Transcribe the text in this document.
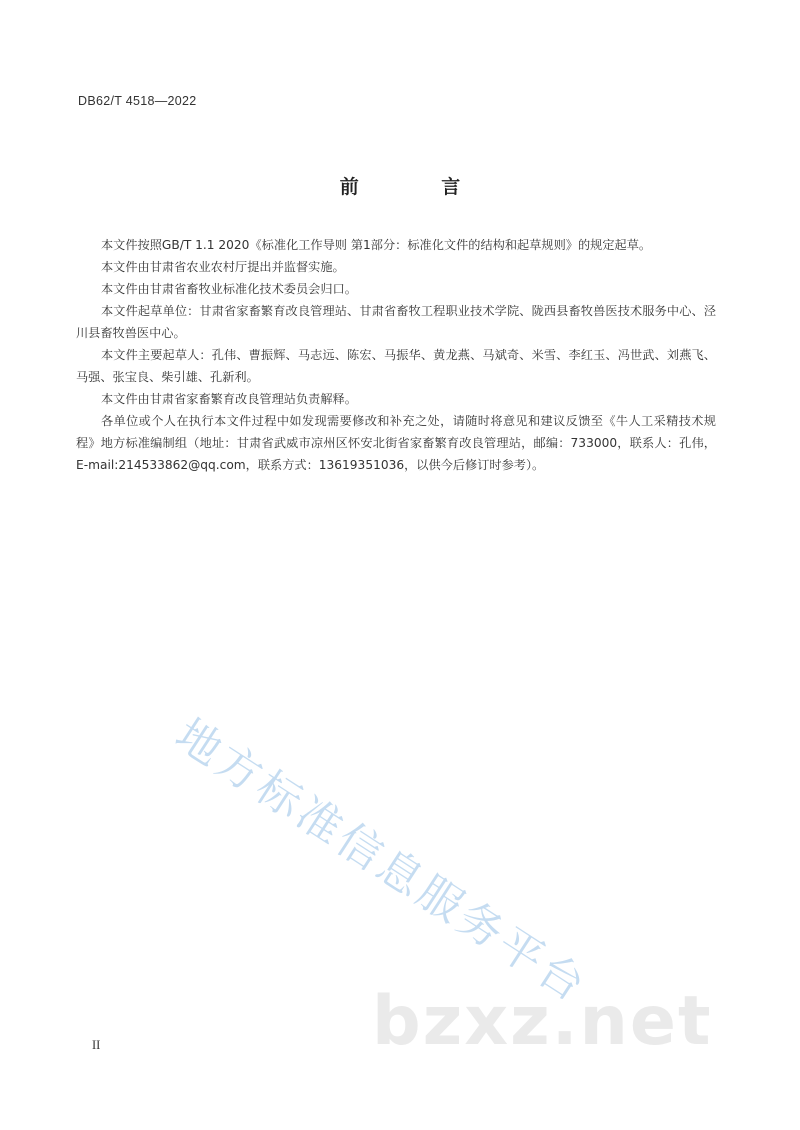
DB62/T 4518—2022
前 言

本文件按照GB/T 1.1 2020《标准化工作导则 第1部分：标准化文件的结构和起草规则》的规定起草。

本文件由甘肃省农业农村厅提出并监督实施。

本文件由甘肃省畜牧业标准化技术委员会归口。

本文件起草单位：甘肃省家畜繁育改良管理站、甘肃省畜牧工程职业技术学院、陇西县畜牧兽医技术服务中心、泾川县畜牧兽医中心。

本文件主要起草人：孔伟、曹振辉、马志远、陈宏、马振华、黄龙燕、马斌奇、米雪、李红玉、冯世武、刘燕飞、马强、张宝良、柴引雄、孔新利。

本文件由甘肃省家畜繁育改良管理站负责解释。

各单位或个人在执行本文件过程中如发现需要修改和补充之处，请随时将意见和建议反馈至《牛人工采精技术规程》地方标准编制组（地址：甘肃省武威市凉州区怀安北街省家畜繁育改良管理站，邮编：733000，联系人：孔伟，E-mail:214533862@qq.com，联系方式：13619351036，以供今后修订时参考）。

地方标准信息服务平台
bzxz.net
II
